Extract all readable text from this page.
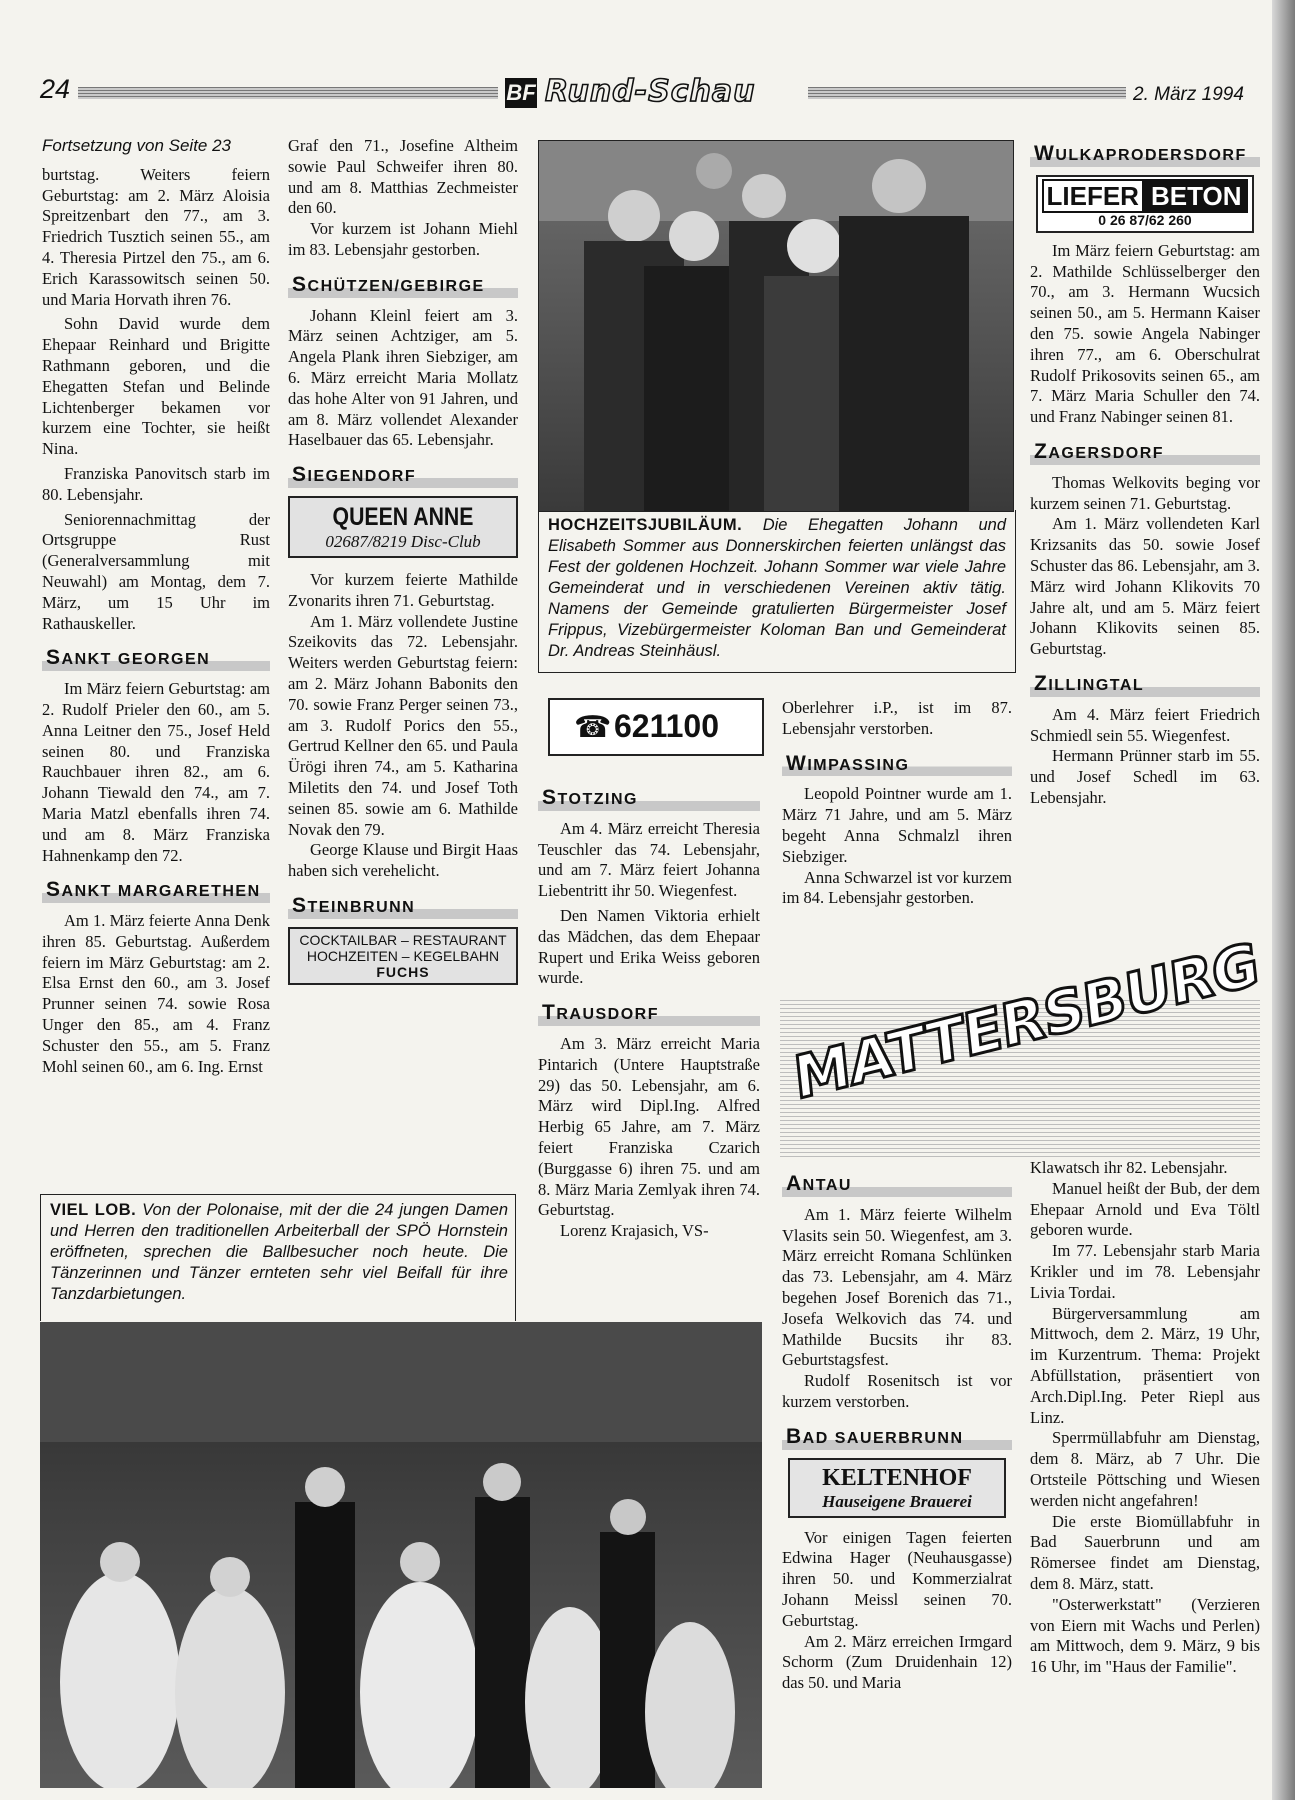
24	BF Rund-Schau	2. März 1994

Fortsetzung von Seite 23

burtstag. Weiters feiern Geburtstag: am 2. März Aloisia Spreitzenbart den 77., am 3. Friedrich Tusztich seinen 55., am 4. Theresia Pirtzel den 75., am 6. Erich Karassowitsch seinen 50. und Maria Horvath ihren 76.

Sohn David wurde dem Ehepaar Reinhard und Brigitte Rathmann geboren, und die Ehegatten Stefan und Belinde Lichtenberger bekamen vor kurzem eine Tochter, sie heißt Nina.

Franziska Panovitsch starb im 80. Lebensjahr.

Seniorennachmittag der Ortsgruppe Rust (Generalversammlung mit Neuwahl) am Montag, dem 7. März, um 15 Uhr im Rathauskeller.

SANKT GEORGEN

Im März feiern Geburtstag: am 2. Rudolf Prieler den 60., am 5. Anna Leitner den 75., Josef Held seinen 80. und Franziska Rauchbauer ihren 82., am 6. Johann Tiewald den 74., am 7. Maria Matzl ebenfalls ihren 74. und am 8. März Franziska Hahnenkamp den 72.

SANKT MARGARETHEN

Am 1. März feierte Anna Denk ihren 85. Geburtstag. Außerdem feiern im März Geburtstag: am 2. Elsa Ernst den 60., am 3. Josef Prunner seinen 74. sowie Rosa Unger den 85., am 4. Franz Schuster den 55., am 5. Franz Mohl seinen 60., am 6. Ing. Ernst

Graf den 71., Josefine Altheim sowie Paul Schweifer ihren 80. und am 8. Matthias Zechmeister den 60.

Vor kurzem ist Johann Miehl im 83. Lebensjahr gestorben.

SCHÜTZEN/GEBIRGE

Johann Kleinl feiert am 3. März seinen Achtziger, am 5. Angela Plank ihren Siebziger, am 6. März erreicht Maria Mollatz das hohe Alter von 91 Jahren, und am 8. März vollendet Alexander Haselbauer das 65. Lebensjahr.

SIEGENDORF
QUEEN ANNE
02687/8219 Disc-Club

Vor kurzem feierte Mathilde Zvonarits ihren 71. Geburtstag.

Am 1. März vollendete Justine Szeikovits das 72. Lebensjahr. Weiters werden Geburtstag feiern: am 2. März Johann Babonits den 70. sowie Franz Perger seinen 73., am 3. Rudolf Porics den 55., Gertrud Kellner den 65. und Paula Ürögi ihren 74., am 5. Katharina Miletits den 74. und Josef Toth seinen 85. sowie am 6. Mathilde Novak den 79.

George Klause und Birgit Haas haben sich verehelicht.

STEINBRUNN
COCKTAILBAR – RESTAURANT
HOCHZEITEN – KEGELBAHN
FUCHS
HOCHZEITSJUBILÄUM. Die Ehegatten Johann und Elisabeth Sommer aus Donnerskirchen feierten unlängst das Fest der goldenen Hochzeit. Johann Sommer war viele Jahre Gemeinderat und in verschiedenen Vereinen aktiv tätig. Namens der Gemeinde gratulierten Bürgermeister Josef Frippus, Vizebürgermeister Koloman Ban und Gemeinderat Dr. Andreas Steinhäusl.
☎ 621100
STOTZING

Am 4. März erreicht Theresia Teuschler das 74. Lebensjahr, und am 7. März feiert Johanna Liebentritt ihr 50. Wiegenfest.

Den Namen Viktoria erhielt das Mädchen, das dem Ehepaar Rupert und Erika Weiss geboren wurde.

TRAUSDORF

Am 3. März erreicht Maria Pintarich (Untere Hauptstraße 29) das 50. Lebensjahr, am 6. März wird Dipl.Ing. Alfred Herbig 65 Jahre, am 7. März feiert Franziska Czarich (Burggasse 6) ihren 75. und am 8. März Maria Zemlyak ihren 74. Geburtstag.

Lorenz Krajasich, VS-

Oberlehrer i.P., ist im 87. Lebensjahr verstorben.

WIMPASSING

Leopold Pointner wurde am 1. März 71 Jahre, und am 5. März begeht Anna Schmalzl ihren Siebziger.

Anna Schwarzel ist vor kurzem im 84. Lebensjahr gestorben.

WULKAPRODERSDORF
LIEFER BETON
0 26 87/62 260

Im März feiern Geburtstag: am 2. Mathilde Schlüsselberger den 70., am 3. Hermann Wucsich seinen 50., am 5. Hermann Kaiser den 75. sowie Angela Nabinger ihren 77., am 6. Oberschulrat Rudolf Prikosovits seinen 65., am 7. März Maria Schuller den 74. und Franz Nabinger seinen 81.

ZAGERSDORF

Thomas Welkovits beging vor kurzem seinen 71. Geburtstag.

Am 1. März vollendeten Karl Krizsanits das 50. sowie Josef Schuster das 86. Lebensjahr, am 3. März wird Johann Klikovits 70 Jahre alt, und am 5. März feiert Johann Klikovits seinen 85. Geburtstag.

ZILLINGTAL

Am 4. März feiert Friedrich Schmiedl sein 55. Wiegenfest.

Hermann Prünner starb im 55. und Josef Schedl im 63. Lebensjahr.

MATTERSBURG
VIEL LOB. Von der Polonaise, mit der die 24 jungen Damen und Herren den traditionellen Arbeiterball der SPÖ Hornstein eröffneten, sprechen die Ballbesucher noch heute. Die Tänzerinnen und Tänzer ernteten sehr viel Beifall für ihre Tanzdarbietungen.
ANTAU

Am 1. März feierte Wilhelm Vlasits sein 50. Wiegenfest, am 3. März erreicht Romana Schlünken das 73. Lebensjahr, am 4. März begehen Josef Borenich das 71., Josefa Welkovich das 74. und Mathilde Bucsits ihr 83. Geburtstagsfest.

Rudolf Rosenitsch ist vor kurzem verstorben.

BAD SAUERBRUNN
KELTENHOF
Hauseigene Brauerei

Vor einigen Tagen feierten Edwina Hager (Neuhausgasse) ihren 50. und Kommerzialrat Johann Meissl seinen 70. Geburtstag.

Am 2. März erreichen Irmgard Schorm (Zum Druidenhain 12) das 50. und Maria

Klawatsch ihr 82. Lebensjahr.

Manuel heißt der Bub, der dem Ehepaar Arnold und Eva Töltl geboren wurde.

Im 77. Lebensjahr starb Maria Krikler und im 78. Lebensjahr Livia Tordai.

Bürgerversammlung am Mittwoch, dem 2. März, 19 Uhr, im Kurzentrum. Thema: Projekt Abfüllstation, präsentiert von Arch.Dipl.Ing. Peter Riepl aus Linz.

Sperrmüllabfuhr am Dienstag, dem 8. März, ab 7 Uhr. Die Ortsteile Pöttsching und Wiesen werden nicht angefahren!

Die erste Biomüllabfuhr in Bad Sauerbrunn und am Römersee findet am Dienstag, dem 8. März, statt.

"Osterwerkstatt" (Verzieren von Eiern mit Wachs und Perlen) am Mittwoch, dem 9. März, 9 bis 16 Uhr, im "Haus der Familie".
